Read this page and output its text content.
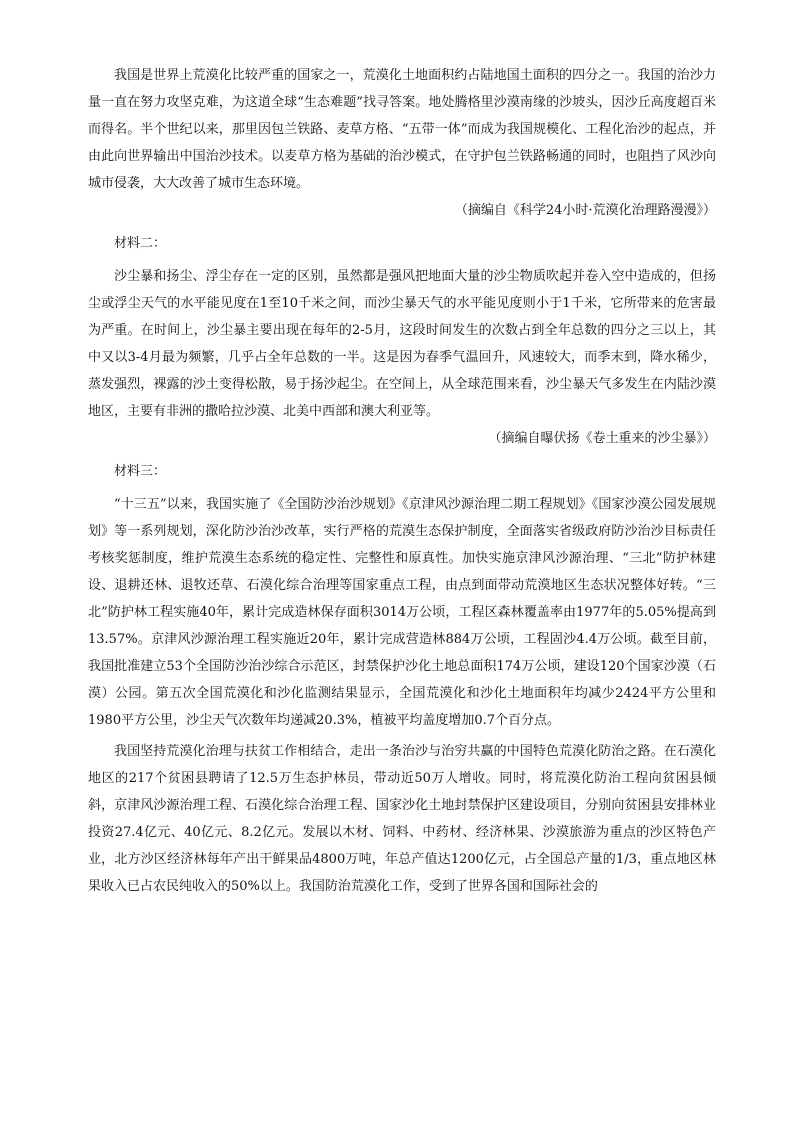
我国是世界上荒漠化比较严重的国家之一，荒漠化土地面积约占陆地国土面积的四分之一。我国的治沙力量一直在努力攻坚克难，为这道全球“生态难题”找寻答案。地处腾格里沙漠南缘的沙坡头，因沙丘高度超百米而得名。半个世纪以来，那里因包兰铁路、麦草方格、“五带一体”而成为我国规模化、工程化治沙的起点，并由此向世界输出中国治沙技术。以麦草方格为基础的治沙模式，在守护包兰铁路畅通的同时，也阻挡了风沙向城市侵袭，大大改善了城市生态环境。

（摘编自《科学24小时·荒漠化治理路漫漫》）

材料二：

沙尘暴和扬尘、浮尘存在一定的区别，虽然都是强风把地面大量的沙尘物质吹起并卷入空中造成的，但扬尘或浮尘天气的水平能见度在1至10千米之间，而沙尘暴天气的水平能见度则小于1千米，它所带来的危害最为严重。在时间上，沙尘暴主要出现在每年的2-5月，这段时间发生的次数占到全年总数的四分之三以上，其中又以3-4月最为频繁，几乎占全年总数的一半。这是因为春季气温回升，风速较大，而季末到，降水稀少，蒸发强烈，裸露的沙土变得松散，易于扬沙起尘。在空间上，从全球范围来看，沙尘暴天气多发生在内陆沙漠地区，主要有非洲的撒哈拉沙漠、北美中西部和澳大利亚等。

（摘编自曝伏扬《卷土重来的沙尘暴》）

材料三：

“十三五”以来，我国实施了《全国防沙治沙规划》《京津风沙源治理二期工程规划》《国家沙漠公园发展规划》等一系列规划，深化防沙治沙改革，实行严格的荒漠生态保护制度，全面落实省级政府防沙治沙目标责任考核奖惩制度，维护荒漠生态系统的稳定性、完整性和原真性。加快实施京津风沙源治理、“三北”防护林建设、退耕还林、退牧还草、石漠化综合治理等国家重点工程，由点到面带动荒漠地区生态状况整体好转。“三北”防护林工程实施40年，累计完成造林保存面积3014万公顷，工程区森林覆盖率由1977年的5.05%提高到13.57%。京津风沙源治理工程实施近20年，累计完成营造林884万公顷，工程固沙4.4万公顷。截至目前，我国批准建立53个全国防沙治沙综合示范区，封禁保护沙化土地总面积174万公顷，建设120个国家沙漠（石漠）公园。第五次全国荒漠化和沙化监测结果显示，全国荒漠化和沙化土地面积年均减少2424平方公里和1980平方公里，沙尘天气次数年均递减20.3%，植被平均盖度增加0.7个百分点。

我国坚持荒漠化治理与扶贫工作相结合，走出一条治沙与治穷共赢的中国特色荒漠化防治之路。在石漠化地区的217个贫困县聘请了12.5万生态护林员，带动近50万人增收。同时，将荒漠化防治工程向贫困县倾斜，京津风沙源治理工程、石漠化综合治理工程、国家沙化土地封禁保护区建设项目，分别向贫困县安排林业投资27.4亿元、40亿元、8.2亿元。发展以木材、饲料、中药材、经济林果、沙漠旅游为重点的沙区特色产业，北方沙区经济林每年产出干鲜果品4800万吨，年总产值达1200亿元，占全国总产量的1/3，重点地区林果收入已占农民纯收入的50%以上。我国防治荒漠化工作，受到了世界各国和国际社会的
